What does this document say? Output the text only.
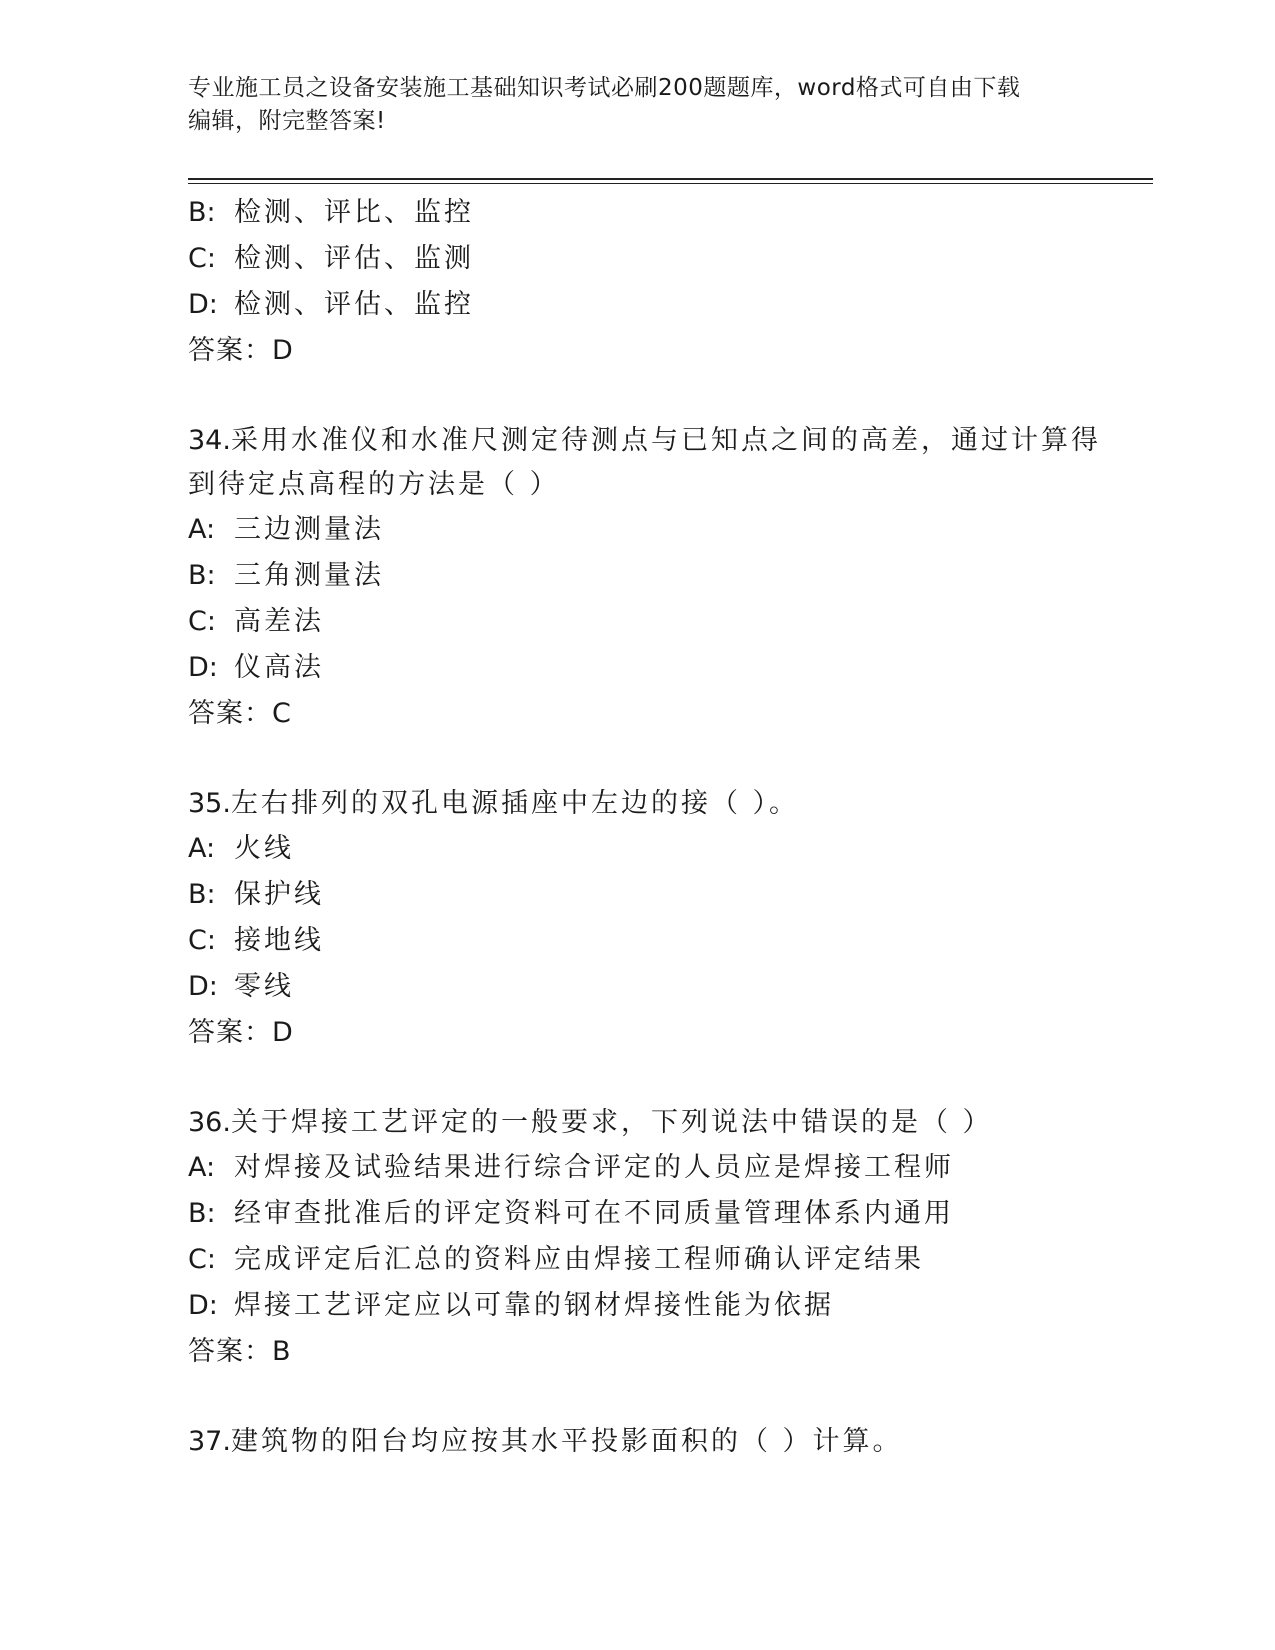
专业施工员之设备安装施工基础知识考试必刷200题题库，word格式可自由下载
编辑，附完整答案!
B: 检测、评比、监控
C: 检测、评估、监测
D: 检测、评估、监控
答案：D
34.采用水准仪和水准尺测定待测点与已知点之间的高差，通过计算得
到待定点高程的方法是（ ）
A: 三边测量法
B: 三角测量法
C: 高差法
D: 仪高法
答案：C
35.左右排列的双孔电源插座中左边的接（ ）。
A: 火线
B: 保护线
C: 接地线
D: 零线
答案：D
36.关于焊接工艺评定的一般要求，下列说法中错误的是（ ）
A: 对焊接及试验结果进行综合评定的人员应是焊接工程师
B: 经审查批准后的评定资料可在不同质量管理体系内通用
C: 完成评定后汇总的资料应由焊接工程师确认评定结果
D: 焊接工艺评定应以可靠的钢材焊接性能为依据
答案：B
37.建筑物的阳台均应按其水平投影面积的（ ）计算。
